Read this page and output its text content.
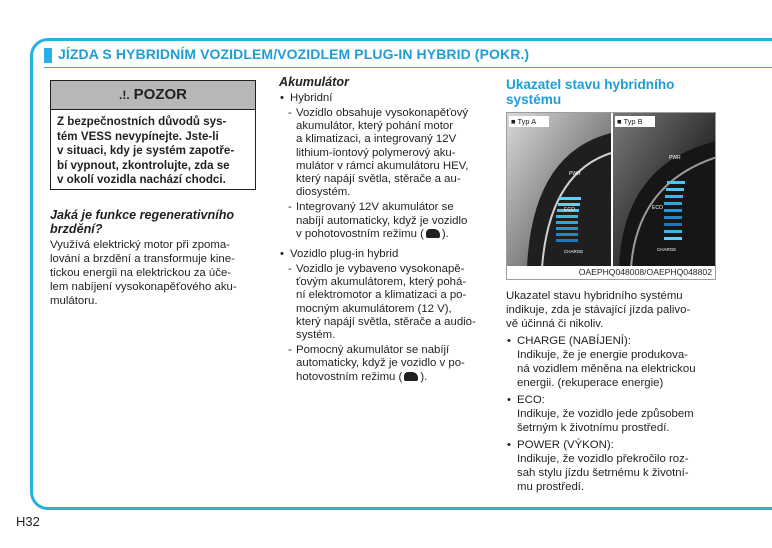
JÍZDA S HYBRIDNÍM VOZIDLEM/VOZIDLEM PLUG-IN HYBRID (POKR.)
.!. POZOR
Z bezpečnostních důvodů sys-
tém VESS nevypínejte. Jste-li
v situaci, kdy je systém zapotře-
bí vypnout, zkontrolujte, zda se
v okolí vozidla nachází chodci.
Jaká je funkce regenerativního
brzdění?
Využívá elektrický motor při zpoma-
lování a brzdění a transformuje kine-
tickou energii na elektrickou za úče-
lem nabíjení vysokonapěťového aku-
mulátoru.
Akumulátor
• Hybridní
- Vozidlo obsahuje vysokonapěťový
akumulátor, který pohání motor
a klimatizaci, a integrovaný 12V
lithium-iontový polymerový aku-
mulátor v rámci akumulátoru HEV,
který napájí světla, stěrače a au-
diosystém.
- Integrovaný 12V akumulátor se
nabíjí automaticky, když je vozidlo
v pohotovostním režimu ( ).
• Vozidlo plug-in hybrid
- Vozidlo je vybaveno vysokonapě-
ťovým akumulátorem, který pohá-
ní elektromotor a klimatizaci a po-
mocným akumulátorem (12 V),
který napájí světla, stěrače a audio-
systém.
- Pomocný akumulátor se nabíjí
automaticky, když je vozidlo v po-
hotovostním režimu ( ).
Ukazatel stavu hybridního
systému
PWR
ECO
CHARGE
PWR
ECO
CHARGE
■ Typ A	■ Typ B
OAEPHQ048008/OAEPHQ048802
Ukazatel stavu hybridního systému
indikuje, zda je stávající jízda palivo-
vě účinná či nikoliv.
• CHARGE (NABÍJENÍ):
Indikuje, že je energie produkova-
ná vozidlem měněna na elektrickou
energii. (rekuperace energie)
• ECO:
Indikuje, že vozidlo jede způsobem
šetrným k životnímu prostředí.
• POWER (VÝKON):
Indikuje, že vozidlo překročilo roz-
sah stylu jízdu šetrnému k životní-
mu prostředí.
H32
